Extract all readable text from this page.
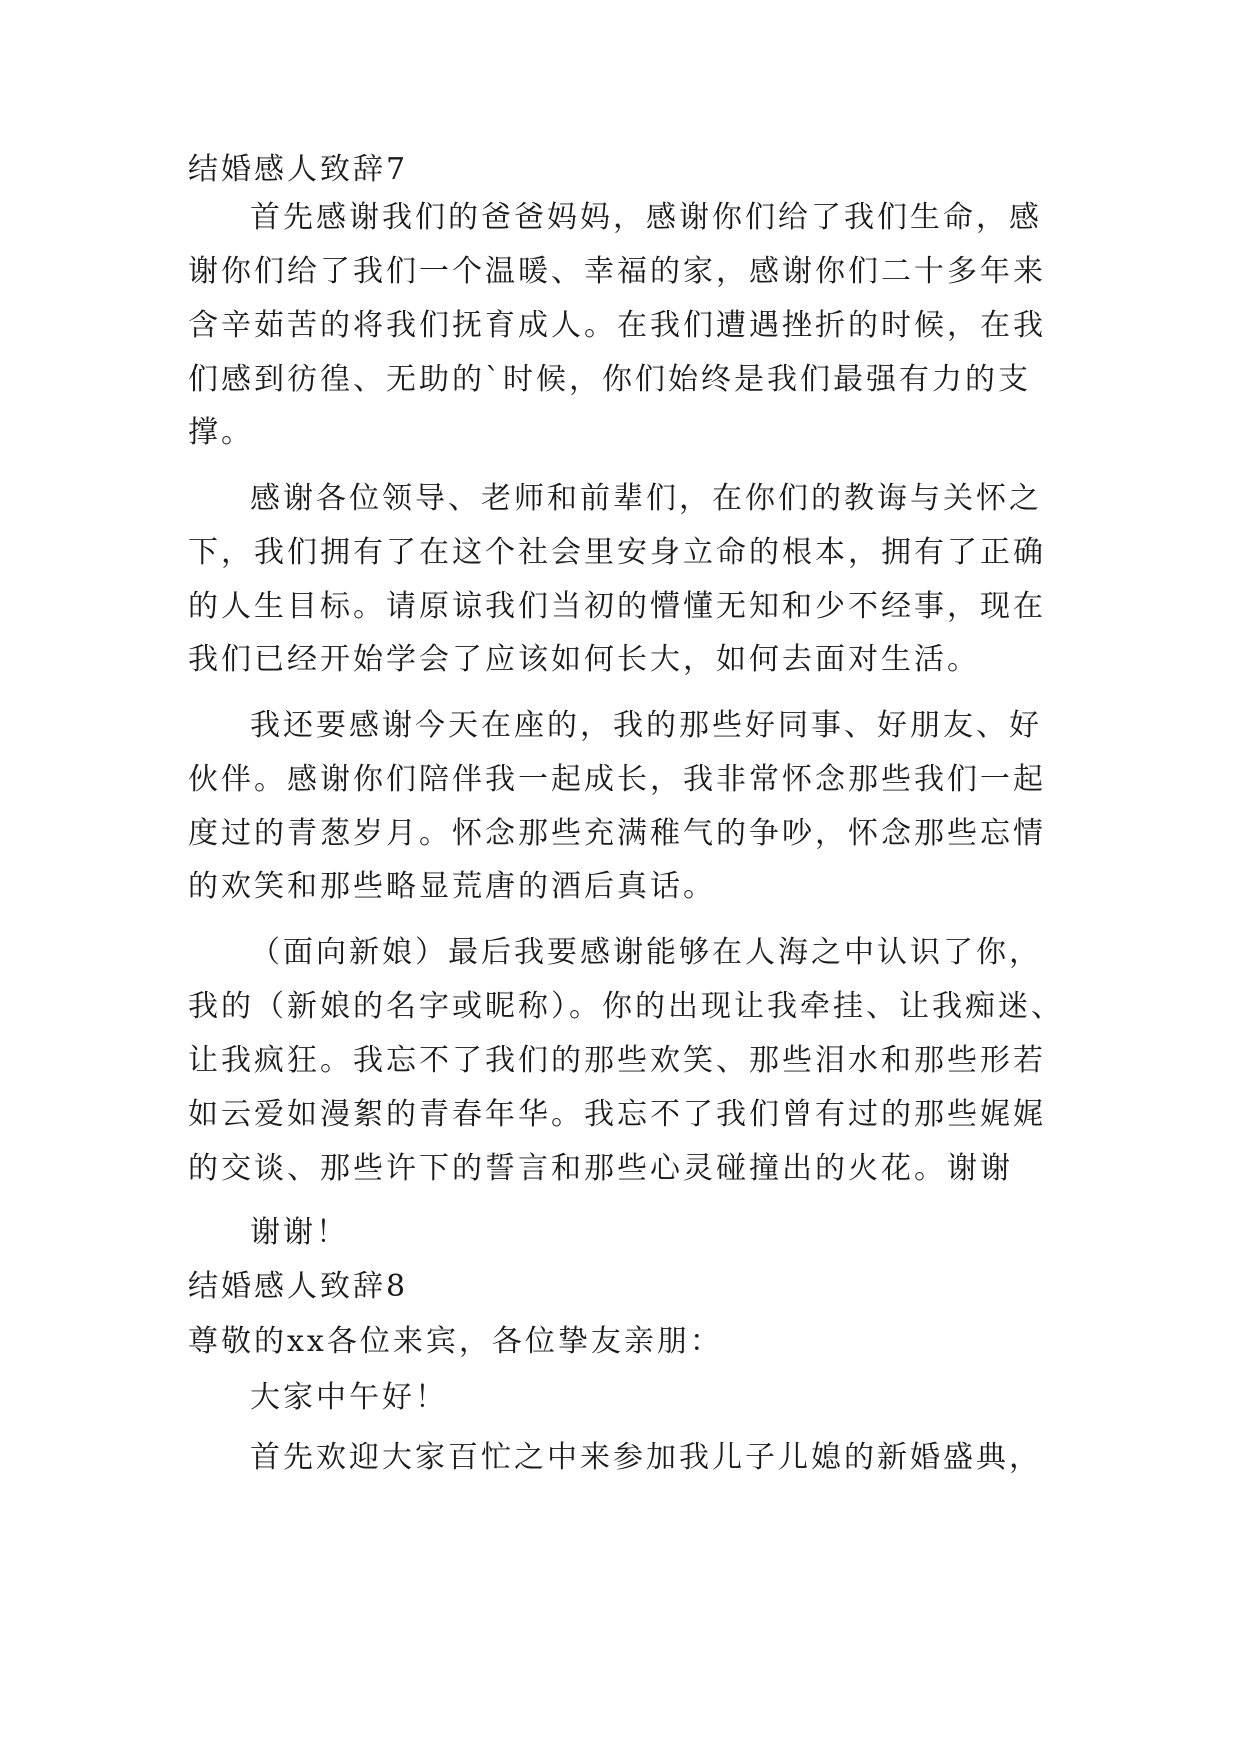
结婚感人致辞7
首先感谢我们的爸爸妈妈，感谢你们给了我们生命，感
谢你们给了我们一个温暖、幸福的家，感谢你们二十多年来
含辛茹苦的将我们抚育成人。在我们遭遇挫折的时候，在我
们感到彷徨、无助的`时候，你们始终是我们最强有力的支
撑。
感谢各位领导、老师和前辈们，在你们的教诲与关怀之
下，我们拥有了在这个社会里安身立命的根本，拥有了正确
的人生目标。请原谅我们当初的懵懂无知和少不经事，现在
我们已经开始学会了应该如何长大，如何去面对生活。
我还要感谢今天在座的，我的那些好同事、好朋友、好
伙伴。感谢你们陪伴我一起成长，我非常怀念那些我们一起
度过的青葱岁月。怀念那些充满稚气的争吵，怀念那些忘情
的欢笑和那些略显荒唐的酒后真话。
（面向新娘）最后我要感谢能够在人海之中认识了你，
我的（新娘的名字或昵称）。你的出现让我牵挂、让我痴迷、
让我疯狂。我忘不了我们的那些欢笑、那些泪水和那些形若
如云爱如漫絮的青春年华。我忘不了我们曾有过的那些娓娓
的交谈、那些许下的誓言和那些心灵碰撞出的火花。谢谢
谢谢！
结婚感人致辞8
尊敬的xx各位来宾，各位挚友亲朋：
大家中午好！
首先欢迎大家百忙之中来参加我儿子儿媳的新婚盛典，
